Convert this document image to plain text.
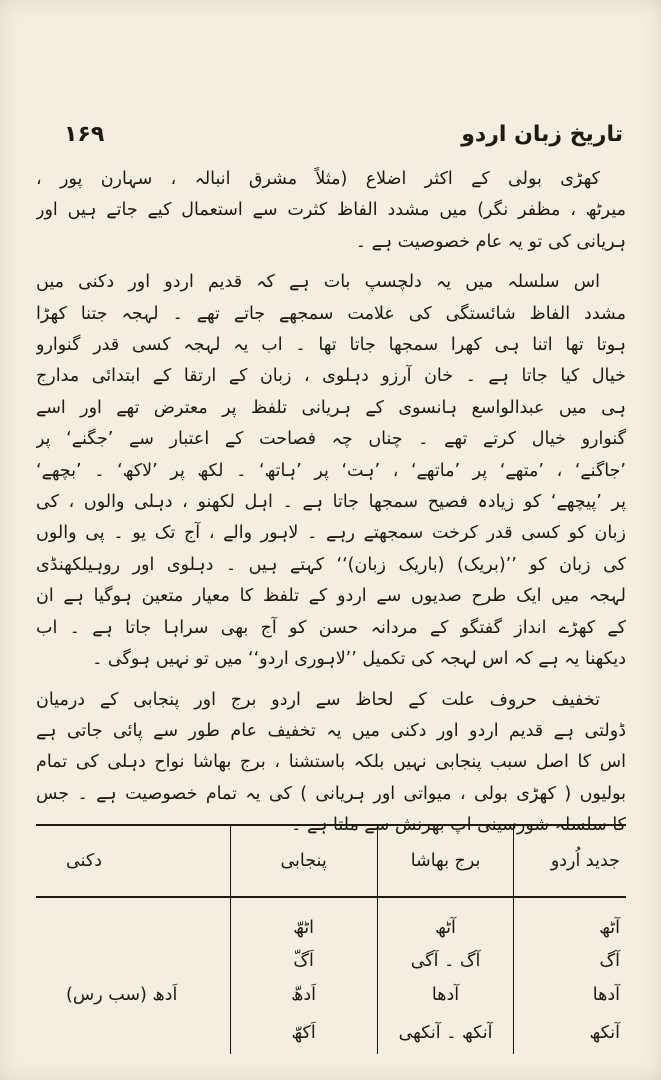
۱۶۹	تاریخ زبان اردو

کھڑی بولی کے اکثر اضلاع (مثلاً مشرق انبالہ ، سہارن پور ،
میرٹھ ، مظفر نگر) میں مشدد الفاظ کثرت سے استعمال کیے جاتے ہیں اور
ہریانی کی تو یہ عام خصوصیت ہے ۔

اس سلسلہ میں یہ دلچسپ بات ہے کہ قدیم اردو اور دکنی میں
مشدد الفاظ شائستگی کی علامت سمجھے جاتے تھے ۔ لہجہ جتنا کھڑا
ہوتا تھا اتنا ہی کھرا سمجھا جاتا تھا ۔ اب یہ لہجہ کسی قدر گنوارو
خیال کیا جاتا ہے ۔ خان آرزو دہلوی ، زبان کے ارتقا کے ابتدائی مدارج
ہی میں عبدالواسع ہانسوی کے ہریانی تلفظ پر معترض تھے اور اسے
گنوارو خیال کرتے تھے ۔ چناں چہ فصاحت کے اعتبار سے ’جگنے‘ پر
’جاگنے‘ ، ’متھے‘ پر ’ماتھے‘ ، ’ہت‘ پر ’ہاتھ‘ ۔ لکھ پر ’لاکھ‘ ۔ ’بچھے‘
پر ’پیچھے‘ کو زیادہ فصیح سمجھا جاتا ہے ۔ اہل لکھنو ، دہلی والوں ، کی
زبان کو کسی قدر کرخت سمجھتے رہے ۔ لاہور والے ، آج تک یو ۔ پی والوں
کی زبان کو ’’(بریک) (باریک زبان)‘‘ کہتے ہیں ۔ دہلوی اور روہیلکھنڈی
لہجہ میں ایک طرح صدیوں سے اردو کے تلفظ کا معیار متعین ہوگیا ہے ان
کے کھڑے انداز گفتگو کے مردانہ حسن کو آج بھی سراہا جاتا ہے ۔ اب
دیکھنا یہ ہے کہ اس لہجہ کی تکمیل ’’لاہوری اردو‘‘ میں تو نہیں ہوگی ۔

تخفیف حروف علت کے لحاظ سے اردو برج اور پنجابی کے درمیان
ڈولتی ہے قدیم اردو اور دکنی میں یہ تخفیف عام طور سے پائی جاتی ہے
اس کا اصل سبب پنجابی نہیں بلکہ باستشنا ، برج بھاشا نواح دہلی کی تمام
بولیوں ( کھڑی بولی ، میواتی اور ہریانی ) کی یہ تمام خصوصیت ہے ۔ جس
کا سلسلہ شورسینی اپ بھرنش سے ملتا ہے ۔

جدید اُردو	برج بھاشا	پنجابی	دکنی
آٹھ	آٹھ	اٹھّ	
آگ	آگ ۔ آگی	اَگّ	
آدھا	آدھا	اَدھّ	اَدھ (سب رس)
آنکھ	آنکھ ۔ آنکھی	اَکھّ	
